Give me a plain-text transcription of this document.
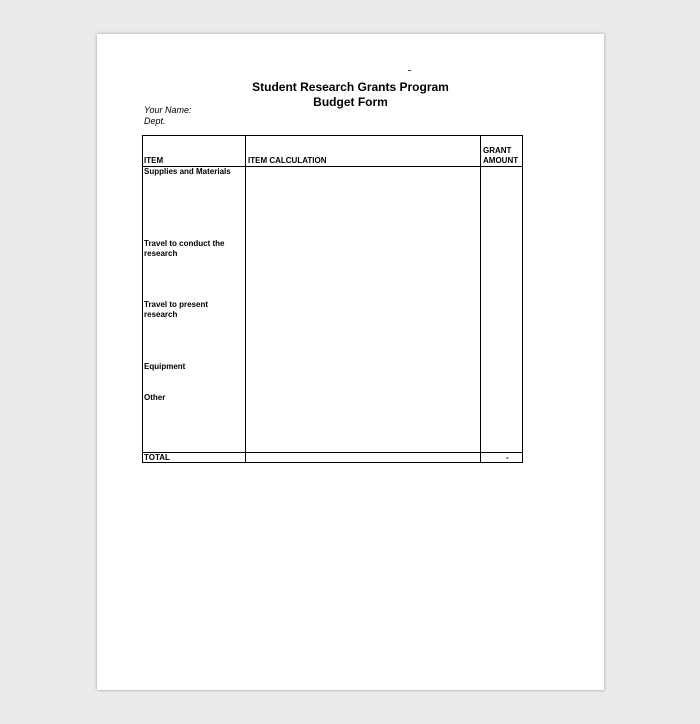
Student Research Grants Program
Budget Form
Your Name:
Dept.
ITEM	ITEM CALCULATION
GRANT
AMOUNT
Supplies and Materials
Travel to conduct the
research
Travel to present
research
Equipment
Other
TOTAL	-
